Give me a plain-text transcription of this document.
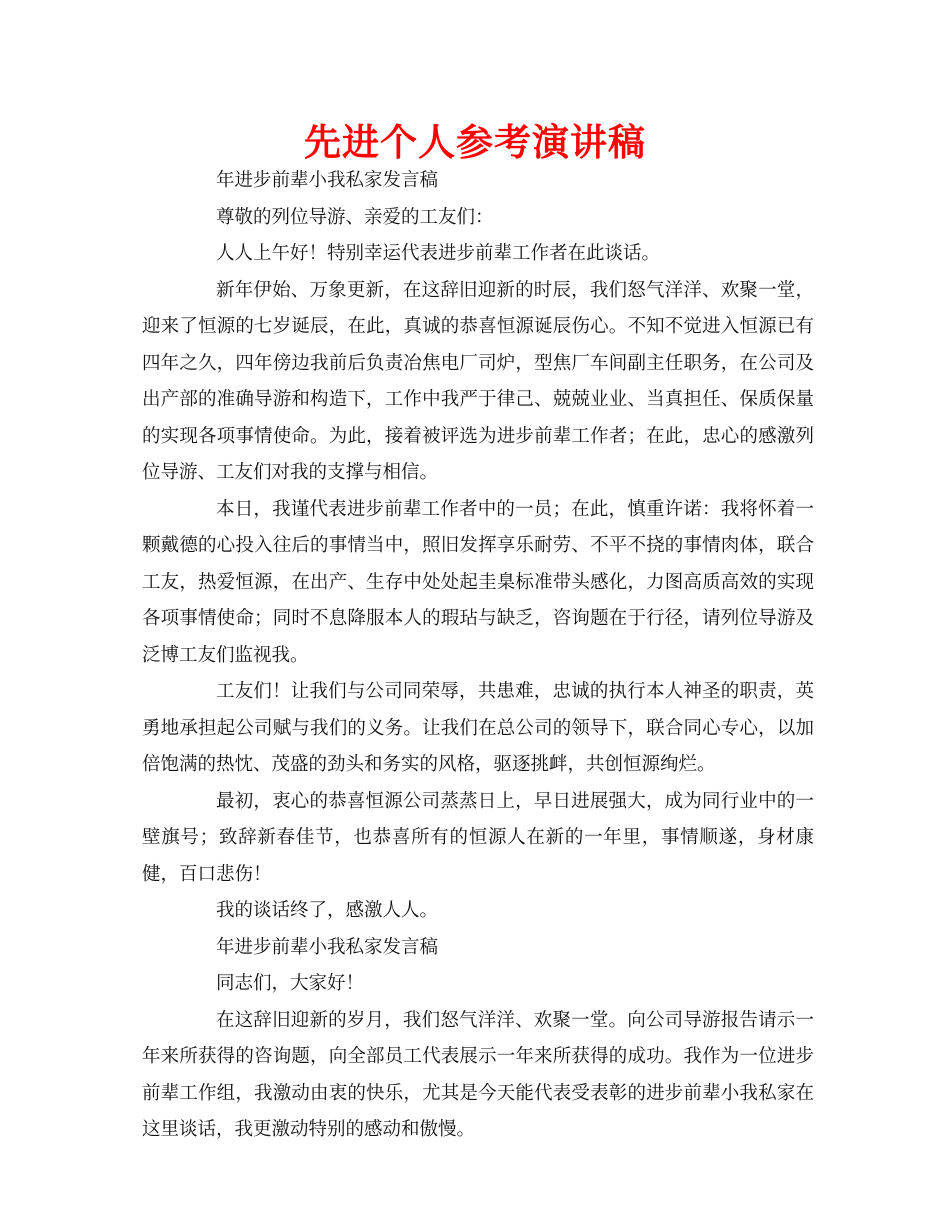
先进个人参考演讲稿

年进步前辈小我私家发言稿

尊敬的列位导游、亲爱的工友们：

人人上午好！特别幸运代表进步前辈工作者在此谈话。

新年伊始、万象更新，在这辞旧迎新的时辰，我们怒气洋洋、欢聚一堂，迎来了恒源的七岁诞辰，在此，真诚的恭喜恒源诞辰伤心。不知不觉进入恒源已有四年之久，四年傍边我前后负责冶焦电厂司炉，型焦厂车间副主任职务，在公司及出产部的准确导游和构造下，工作中我严于律己、兢兢业业、当真担任、保质保量的实现各项事情使命。为此，接着被评选为进步前辈工作者；在此，忠心的感激列位导游、工友们对我的支撑与相信。

本日，我谨代表进步前辈工作者中的一员；在此，慎重许诺：我将怀着一颗戴德的心投入往后的事情当中，照旧发挥享乐耐劳、不平不挠的事情肉体，联合工友，热爱恒源，在出产、生存中处处起圭臬标准带头感化，力图高质高效的实现各项事情使命；同时不息降服本人的瑕玷与缺乏，咨询题在于行径，请列位导游及泛博工友们监视我。

工友们！让我们与公司同荣辱，共患难，忠诚的执行本人神圣的职责，英勇地承担起公司赋与我们的义务。让我们在总公司的领导下，联合同心专心，以加倍饱满的热忱、茂盛的劲头和务实的风格，驱逐挑衅，共创恒源绚烂。

最初，衷心的恭喜恒源公司蒸蒸日上，早日进展强大，成为同行业中的一壁旗号；致辞新春佳节，也恭喜所有的恒源人在新的一年里，事情顺遂，身材康健，百口悲伤！

我的谈话终了，感激人人。

年进步前辈小我私家发言稿

同志们，大家好！

在这辞旧迎新的岁月，我们怒气洋洋、欢聚一堂。向公司导游报告请示一年来所获得的咨询题，向全部员工代表展示一年来所获得的成功。我作为一位进步前辈工作组，我激动由衷的快乐，尤其是今天能代表受表彰的进步前辈小我私家在这里谈话，我更激动特别的感动和傲慢。
